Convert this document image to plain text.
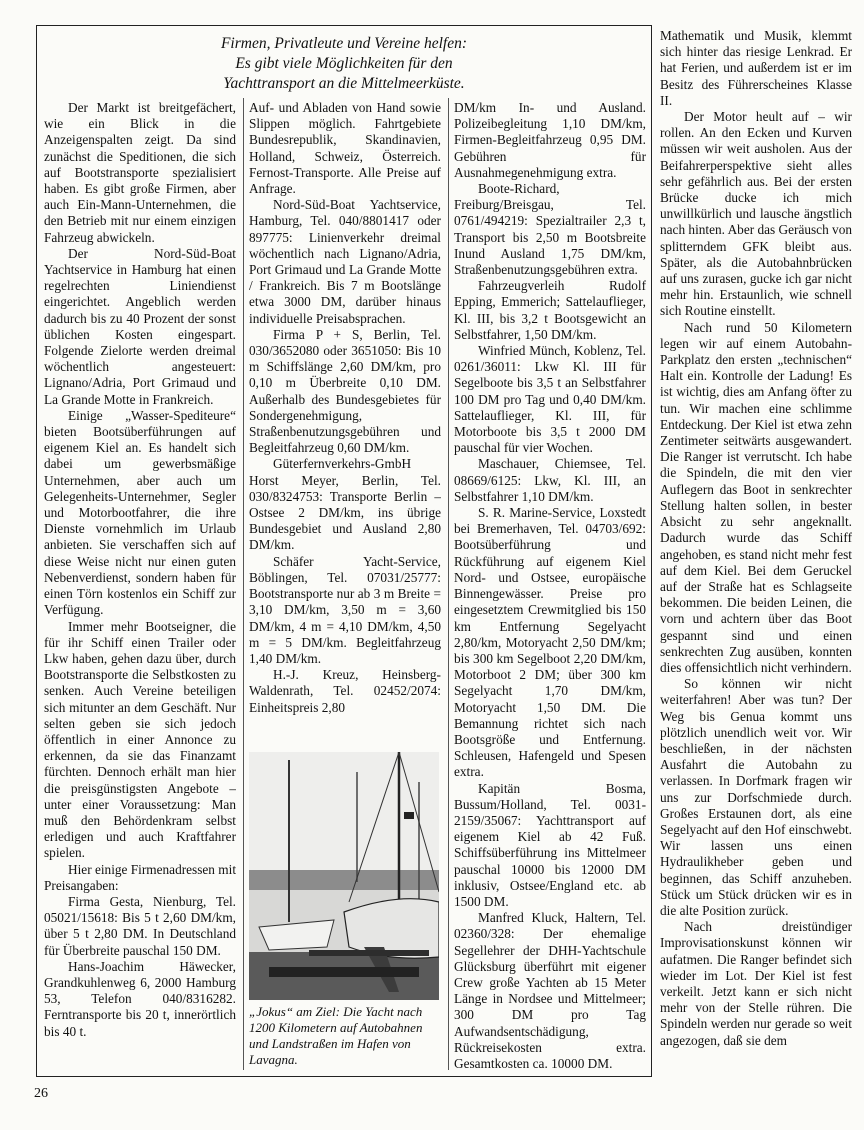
Firmen, Privatleute und Vereine helfen:
Es gibt viele Möglichkeiten für den
Yachttransport an die Mittelmeerküste.

Der Markt ist breitgefächert, wie ein Blick in die Anzeigenspalten zeigt. Da sind zunächst die Speditionen, die sich auf Bootstransporte spezialisiert haben. Es gibt große Firmen, aber auch Ein-Mann-Unternehmen, die den Betrieb mit nur einem einzigen Fahrzeug abwickeln.

Der Nord-Süd-Boat Yachtservice in Hamburg hat einen regelrechten Liniendienst eingerichtet. Angeblich werden dadurch bis zu 40 Prozent der sonst üblichen Kosten eingespart. Folgende Zielorte werden dreimal wöchentlich angesteuert: Lignano/Adria, Port Grimaud und La Grande Motte in Frankreich.

Einige „Wasser-Spediteure“ bieten Bootsüberführungen auf eigenem Kiel an. Es handelt sich dabei um gewerbsmäßige Unternehmen, aber auch um Gelegenheits-Unternehmer, Segler und Motorbootfahrer, die ihre Dienste vornehmlich im Urlaub anbieten. Sie verschaffen sich auf diese Weise nicht nur einen guten Nebenverdienst, sondern haben für einen Törn kostenlos ein Schiff zur Verfügung.

Immer mehr Bootseigner, die für ihr Schiff einen Trailer oder Lkw haben, gehen dazu über, durch Bootstransporte die Selbstkosten zu senken. Auch Vereine beteiligen sich mitunter an dem Geschäft. Nur selten geben sie sich jedoch öffentlich in einer Annonce zu erkennen, da sie das Finanzamt fürchten. Dennoch erhält man hier die preisgünstigsten Angebote – unter einer Voraussetzung: Man muß den Behördenkram selbst erledigen und auch Kraftfahrer spielen.

Hier einige Firmenadressen mit Preisangaben:

Firma Gesta, Nienburg, Tel. 05021/15618: Bis 5 t 2,60 DM/km, über 5 t 2,80 DM. In Deutschland für Überbreite pauschal 150 DM.

Hans-Joachim Häwecker, Grandkuhlenweg 6, 2000 Hamburg 53, Telefon 040/8316282. Ferntransporte bis 20 t, innerörtlich bis 40 t.

Auf- und Abladen von Hand sowie Slippen möglich. Fahrtgebiete Bundesrepublik, Skandinavien, Holland, Schweiz, Österreich. Fernost-Transporte. Alle Preise auf Anfrage.

Nord-Süd-Boat Yachtservice, Hamburg, Tel. 040/8801417 oder 897775: Linienverkehr dreimal wöchentlich nach Lignano/Adria, Port Grimaud und La Grande Motte / Frankreich. Bis 7 m Bootslänge etwa 3000 DM, darüber hinaus individuelle Preisabsprachen.

Firma P + S, Berlin, Tel. 030/3652080 oder 3651050: Bis 10 m Schiffslänge 2,60 DM/km, pro 0,10 m Überbreite 0,10 DM. Außerhalb des Bundesgebietes für Sondergenehmigung, Straßenbenutzungsgebühren und Begleitfahrzeug 0,60 DM/km.

Güterfernverkehrs-GmbH Horst Meyer, Berlin, Tel. 030/8324753: Transporte Berlin – Ostsee 2 DM/km, ins übrige Bundesgebiet und Ausland 2,80 DM/km.

Schäfer Yacht-Service, Böblingen, Tel. 07031/25777: Bootstransporte nur ab 3 m Breite = 3,10 DM/km, 3,50 m = 3,60 DM/km, 4 m = 4,10 DM/km, 4,50 m = 5 DM/km. Begleitfahrzeug 1,40 DM/km.

H.-J. Kreuz, Heinsberg-Waldenrath, Tel. 02452/2074: Einheitspreis 2,80

„Jokus“ am Ziel: Die Yacht nach 1200 Kilometern auf Autobahnen und Landstraßen im Hafen von Lavagna.

DM/km In- und Ausland. Polizeibegleitung 1,10 DM/km, Firmen-Begleitfahrzeug 0,95 DM. Gebühren für Ausnahmegenehmigung extra.

Boote-Richard, Freiburg/Breisgau, Tel. 0761/494219: Spezialtrailer 2,3 t, Transport bis 2,50 m Bootsbreite Inund Ausland 1,75 DM/km, Straßenbenutzungsgebühren extra.

Fahrzeugverleih Rudolf Epping, Emmerich; Sattelauflieger, Kl. III, bis 3,2 t Bootsgewicht an Selbstfahrer, 1,50 DM/km.

Winfried Münch, Koblenz, Tel. 0261/36011: Lkw Kl. III für Segelboote bis 3,5 t an Selbstfahrer 100 DM pro Tag und 0,40 DM/km. Sattelauflieger, Kl. III, für Motorboote bis 3,5 t 2000 DM pauschal für vier Wochen.

Maschauer, Chiemsee, Tel. 08669/6125: Lkw, Kl. III, an Selbstfahrer 1,10 DM/km.

S. R. Marine-Service, Loxstedt bei Bremerhaven, Tel. 04703/692: Bootsüberführung und Rückführung auf eigenem Kiel Nord- und Ostsee, europäische Binnengewässer. Preise pro eingesetztem Crewmitglied bis 150 km Entfernung Segelyacht 2,80/km, Motoryacht 2,50 DM/km; bis 300 km Segelboot 2,20 DM/km, Motorboot 2 DM; über 300 km Segelyacht 1,70 DM/km, Motoryacht 1,50 DM. Die Bemannung richtet sich nach Bootsgröße und Entfernung. Schleusen, Hafengeld und Spesen extra.

Kapitän Bosma, Bussum/Holland, Tel. 0031-2159/35067: Yachttransport auf eigenem Kiel ab 42 Fuß. Schiffsüberführung ins Mittelmeer pauschal 10000 bis 12000 DM inklusiv, Ostsee/England etc. ab 1500 DM.

Manfred Kluck, Haltern, Tel. 02360/328: Der ehemalige Segellehrer der DHH-Yachtschule Glücksburg überführt mit eigener Crew große Yachten ab 15 Meter Länge in Nordsee und Mittelmeer; 300 DM pro Tag Aufwandsentschädigung, Rückreisekosten extra. Gesamtkosten ca. 10000 DM.

Mathematik und Musik, klemmt sich hinter das riesige Lenkrad. Er hat Ferien, und außerdem ist er im Besitz des Führerscheines Klasse II.

Der Motor heult auf – wir rollen. An den Ecken und Kurven müssen wir weit ausholen. Aus der Beifahrerperspektive sieht alles sehr gefährlich aus. Bei der ersten Brücke ducke ich mich unwillkürlich und lausche ängstlich nach hinten. Aber das Geräusch von splitterndem GFK bleibt aus. Später, als die Autobahnbrücken auf uns zurasen, gucke ich gar nicht mehr hin. Erstaunlich, wie schnell sich Routine einstellt.

Nach rund 50 Kilometern legen wir auf einem Autobahn-Parkplatz den ersten „technischen“ Halt ein. Kontrolle der Ladung! Es ist wichtig, dies am Anfang öfter zu tun. Wir machen eine schlimme Entdeckung. Der Kiel ist etwa zehn Zentimeter seitwärts ausgewandert. Die Ranger ist verrutscht. Ich habe die Spindeln, die mit den vier Auflegern das Boot in senkrechter Stellung halten sollen, in bester Absicht zu sehr angeknallt. Dadurch wurde das Schiff angehoben, es stand nicht mehr fest auf dem Kiel. Bei dem Geruckel auf der Straße hat es Schlagseite bekommen. Die beiden Leinen, die vorn und achtern über das Boot gespannt sind und einen senkrechten Zug ausüben, konnten dies offensichtlich nicht verhindern.

So können wir nicht weiterfahren! Aber was tun? Der Weg bis Genua kommt uns plötzlich unendlich weit vor. Wir beschließen, in der nächsten Ausfahrt die Autobahn zu verlassen. In Dorfmark fragen wir uns zur Dorfschmiede durch. Großes Erstaunen dort, als eine Segelyacht auf den Hof einschwebt. Wir lassen uns einen Hydraulikheber geben und beginnen, das Schiff anzuheben. Stück um Stück drücken wir es in die alte Position zurück.

Nach dreistündiger Improvisationskunst können wir aufatmen. Die Ranger befindet sich wieder im Lot. Der Kiel ist fest verkeilt. Jetzt kann er sich nicht mehr von der Stelle rühren. Die Spindeln werden nur gerade so weit angezogen, daß sie dem

26
